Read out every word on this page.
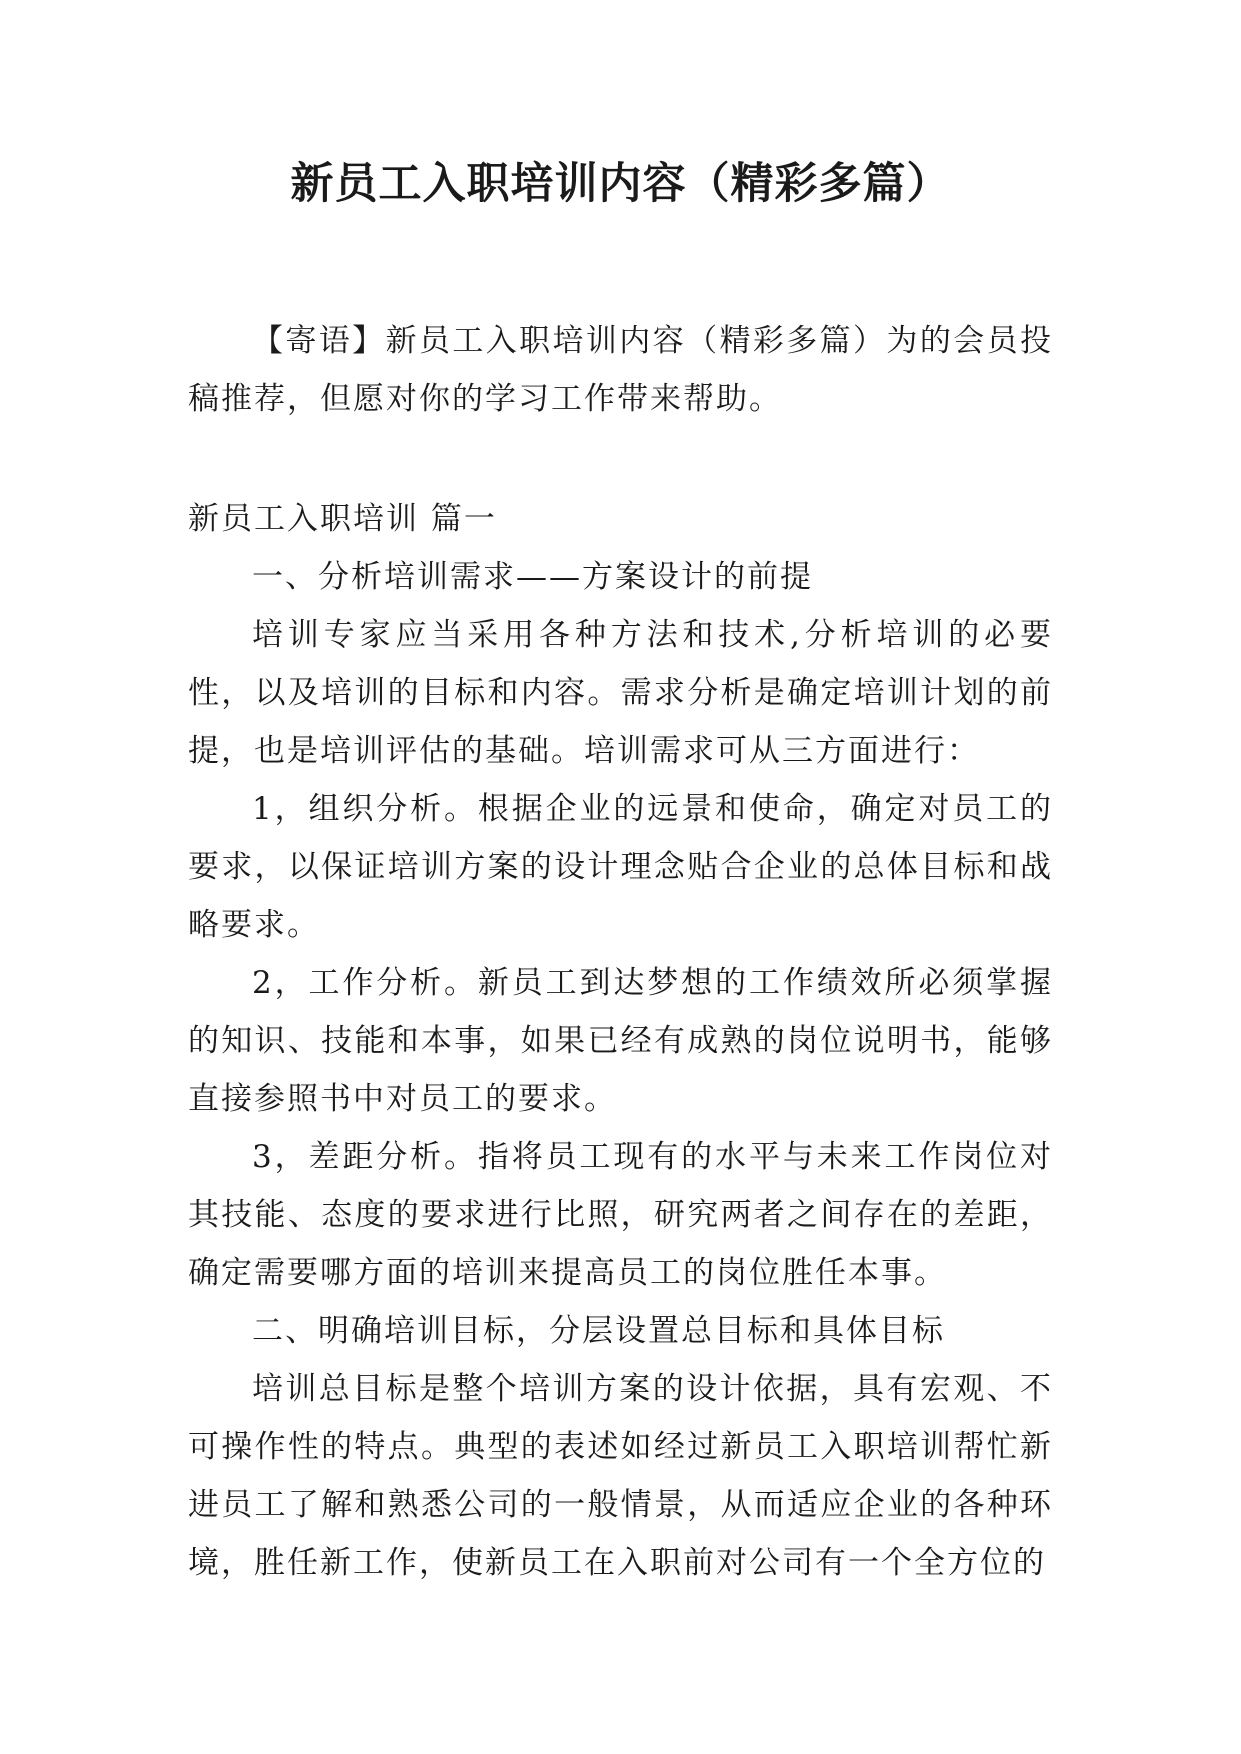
新员工入职培训内容（精彩多篇）

【寄语】新员工入职培训内容（精彩多篇）为的会员投稿推荐，但愿对你的学习工作带来帮助。

新员工入职培训 篇一

一、分析培训需求——方案设计的前提

培训专家应当采用各种方法和技术,分析培训的必要性，以及培训的目标和内容。需求分析是确定培训计划的前提，也是培训评估的基础。培训需求可从三方面进行：

1，组织分析。根据企业的远景和使命，确定对员工的要求，以保证培训方案的设计理念贴合企业的总体目标和战略要求。

2，工作分析。新员工到达梦想的工作绩效所必须掌握的知识、技能和本事，如果已经有成熟的岗位说明书，能够直接参照书中对员工的要求。

3，差距分析。指将员工现有的水平与未来工作岗位对其技能、态度的要求进行比照，研究两者之间存在的差距，确定需要哪方面的培训来提高员工的岗位胜任本事。

二、明确培训目标，分层设置总目标和具体目标

培训总目标是整个培训方案的设计依据，具有宏观、不可操作性的特点。典型的表述如经过新员工入职培训帮忙新进员工了解和熟悉公司的一般情景，从而适应企业的各种环境，胜任新工作，使新员工在入职前对公司有一个全方位的
